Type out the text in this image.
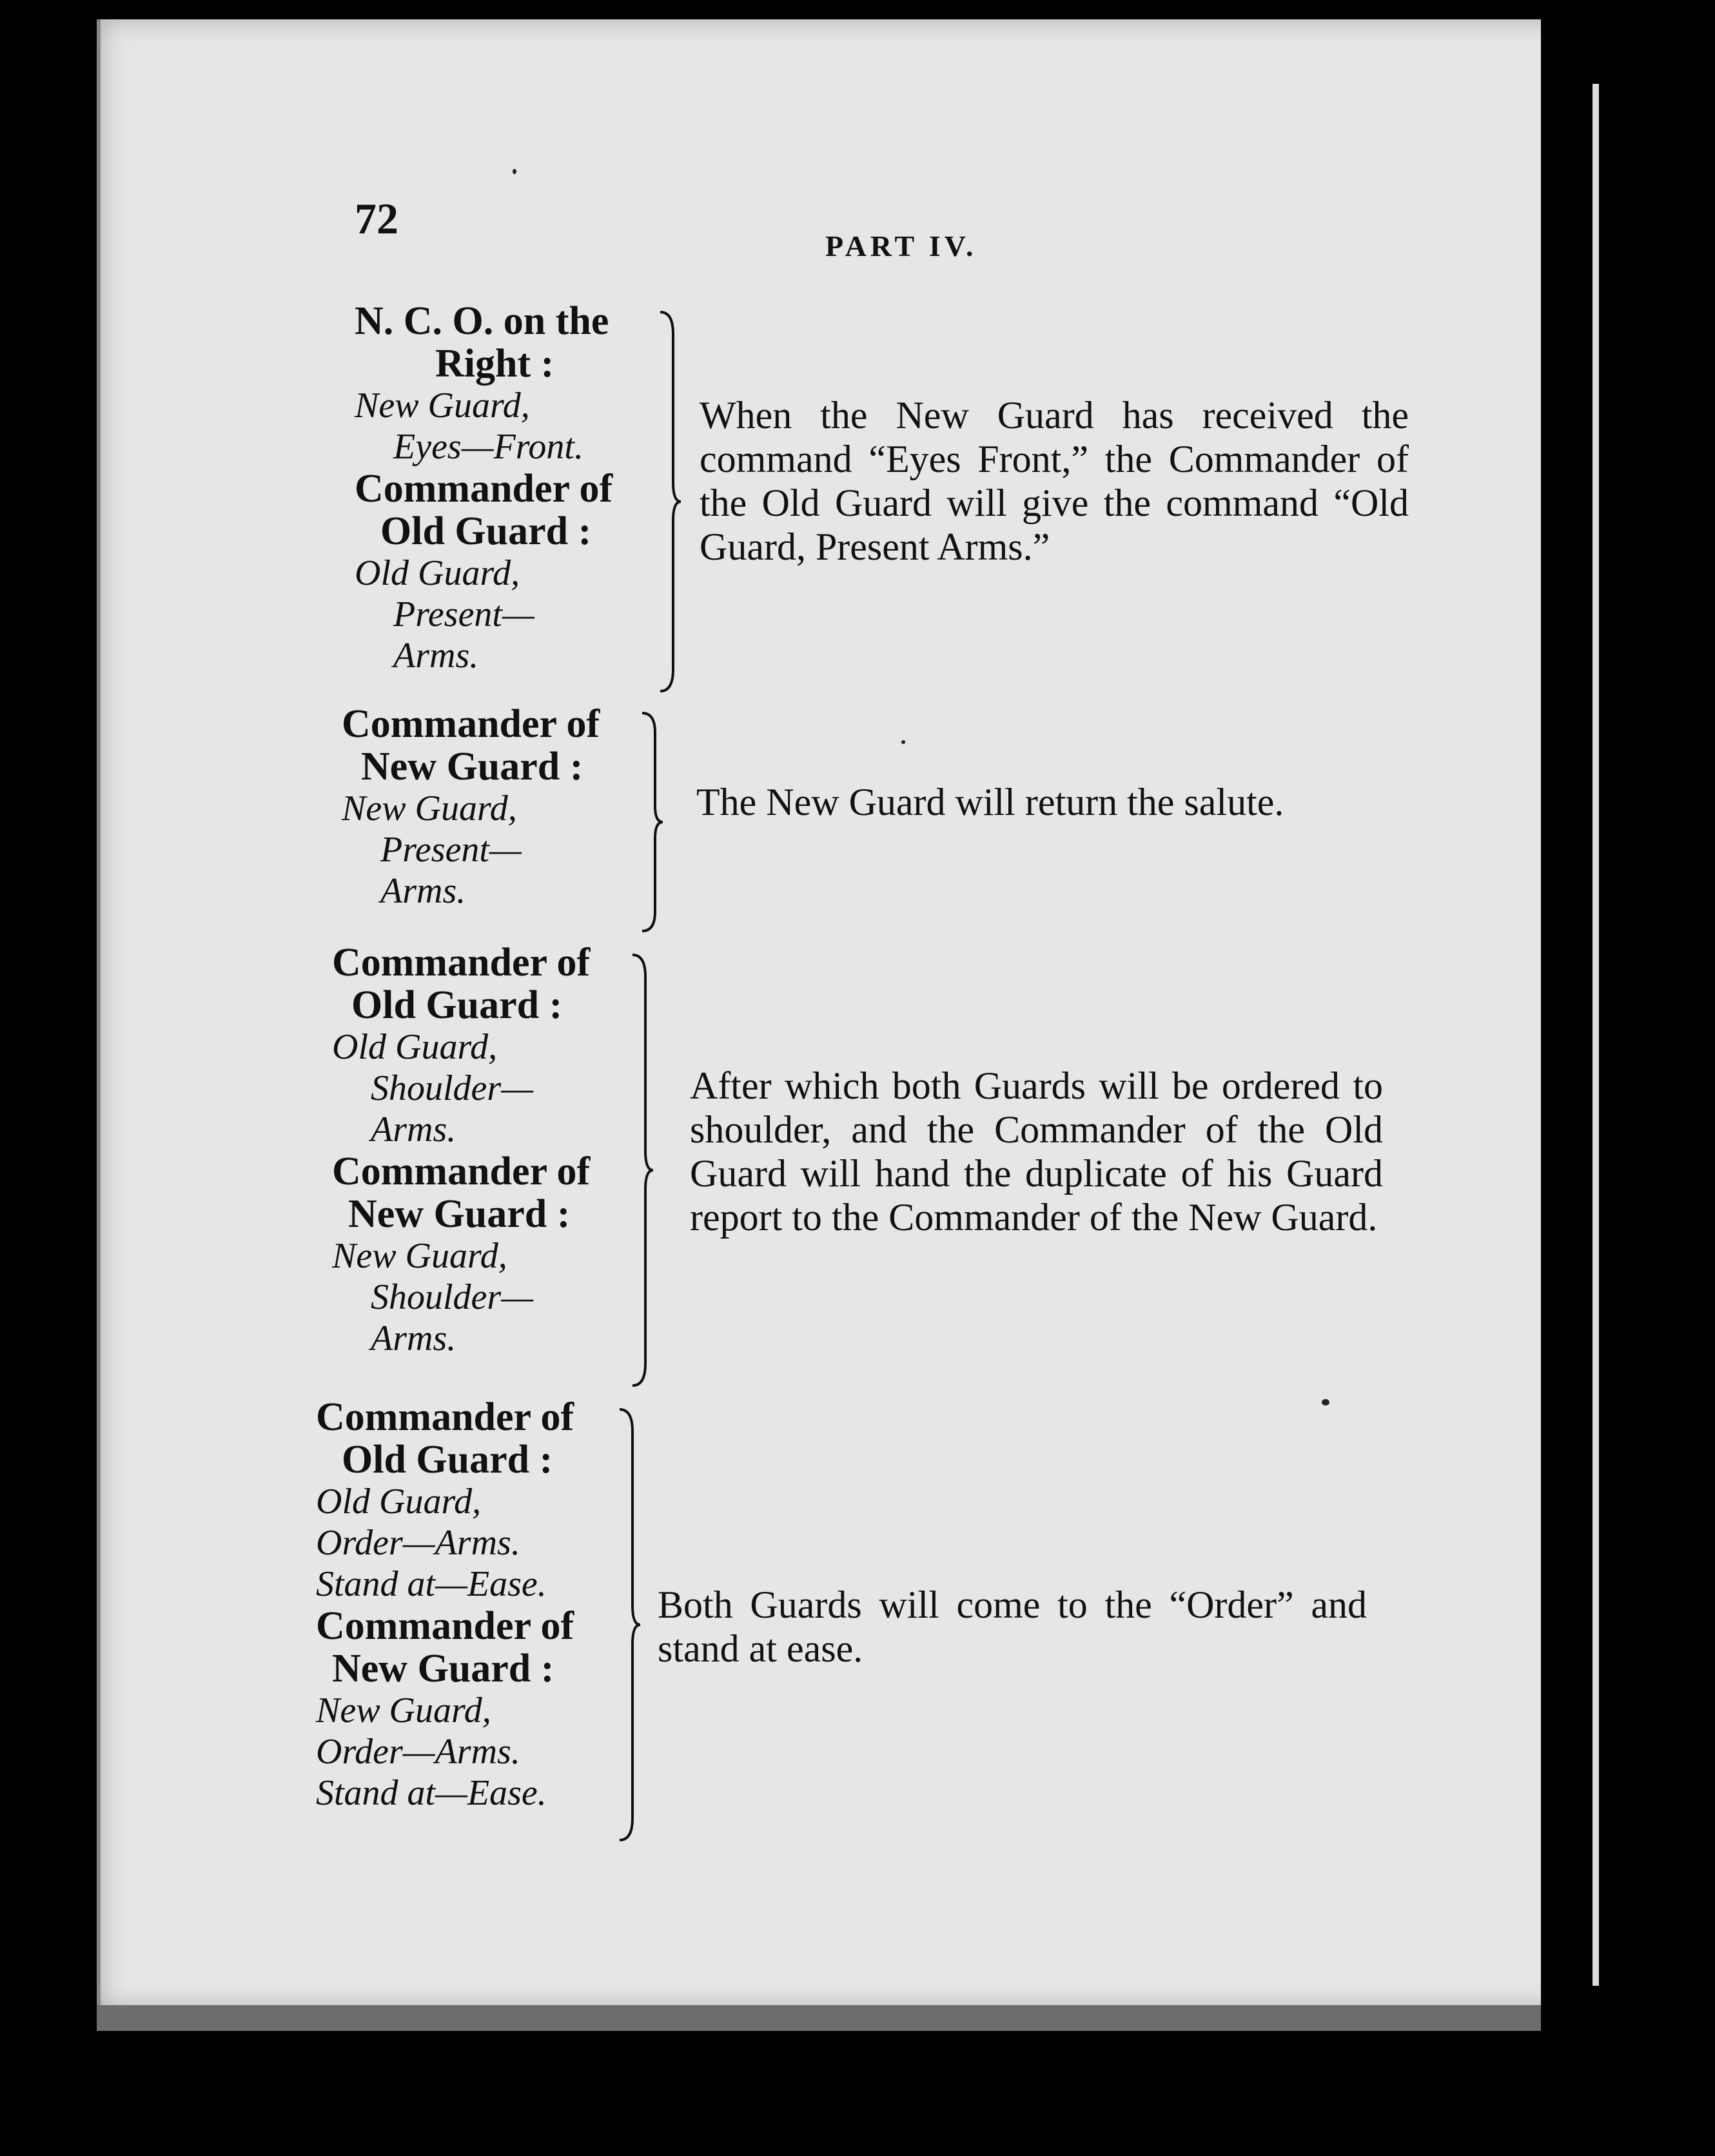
72
PART IV.
N. C. O. on the
Right :
New Guard,
Eyes—Front.
Commander of
Old Guard :
Old Guard,
Present—
Arms.
When the New Guard has received the command “Eyes Front,” the Commander of the Old Guard will give the command “Old Guard, Present Arms.”
Commander of
New Guard :
New Guard,
Present—
Arms.
The New Guard will return the salute.
Commander of
Old Guard :
Old Guard,
Shoulder—
Arms.
Commander of
New Guard :
New Guard,
Shoulder—
Arms.
After which both Guards will be ordered to shoulder, and the Commander of the Old Guard will hand the duplicate of his Guard report to the Commander of the New Guard.
Commander of
Old Guard :
Old Guard,
Order—Arms.
Stand at—Ease.
Commander of
New Guard :
New Guard,
Order—Arms.
Stand at—Ease.
Both Guards will come to the “Order” and stand at ease.
